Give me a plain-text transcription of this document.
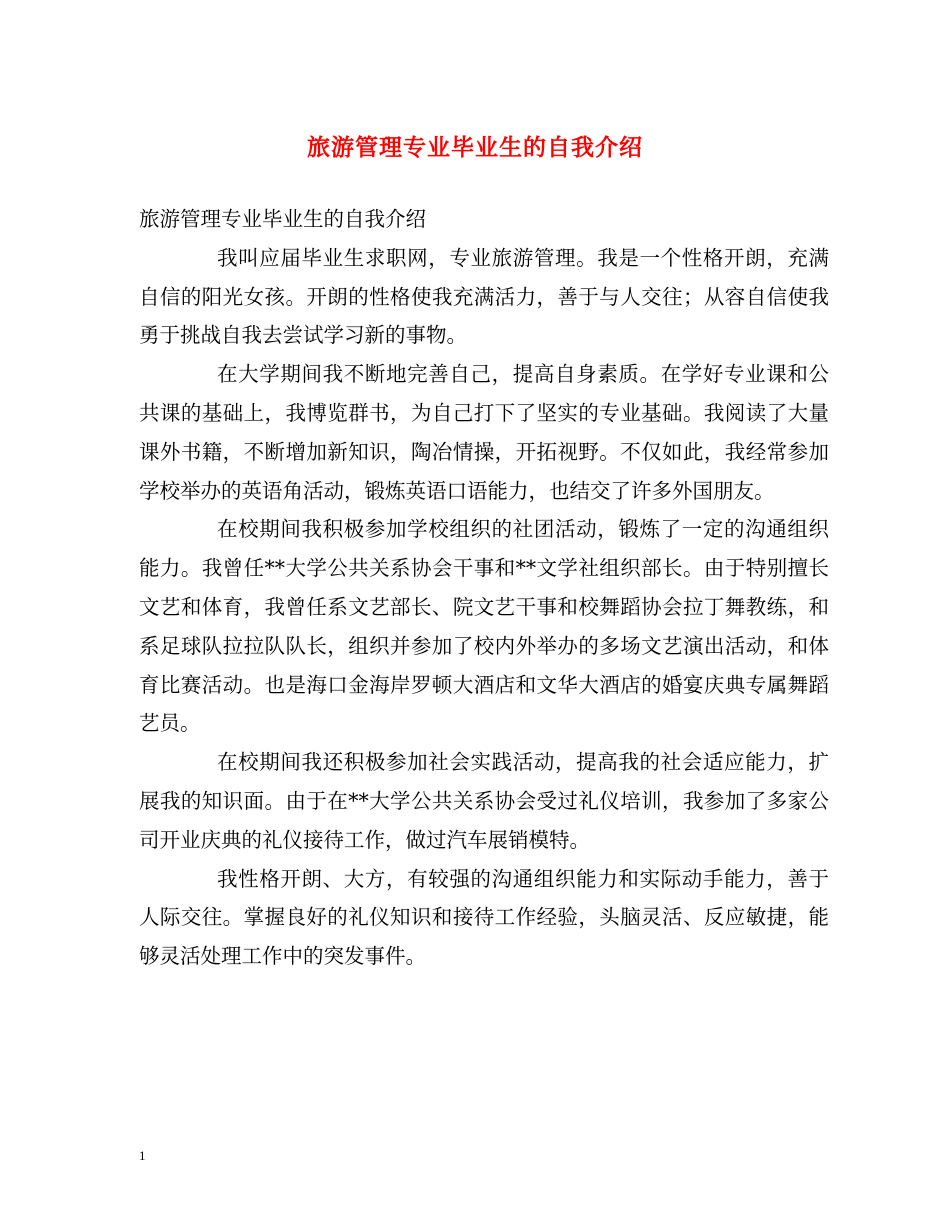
旅游管理专业毕业生的自我介绍

旅游管理专业毕业生的自我介绍

我叫应届毕业生求职网，专业旅游管理。我是一个性格开朗，充满自信的阳光女孩。开朗的性格使我充满活力，善于与人交往；从容自信使我勇于挑战自我去尝试学习新的事物。

在大学期间我不断地完善自己，提高自身素质。在学好专业课和公共课的基础上，我博览群书，为自己打下了坚实的专业基础。我阅读了大量课外书籍，不断增加新知识，陶冶情操，开拓视野。不仅如此，我经常参加学校举办的英语角活动，锻炼英语口语能力，也结交了许多外国朋友。

在校期间我积极参加学校组织的社团活动，锻炼了一定的沟通组织能力。我曾任**大学公共关系协会干事和**文学社组织部长。由于特别擅长文艺和体育，我曾任系文艺部长、院文艺干事和校舞蹈协会拉丁舞教练，和系足球队拉拉队队长，组织并参加了校内外举办的多场文艺演出活动，和体育比赛活动。也是海口金海岸罗顿大酒店和文华大酒店的婚宴庆典专属舞蹈艺员。

在校期间我还积极参加社会实践活动，提高我的社会适应能力，扩展我的知识面。由于在**大学公共关系协会受过礼仪培训，我参加了多家公司开业庆典的礼仪接待工作，做过汽车展销模特。

我性格开朗、大方，有较强的沟通组织能力和实际动手能力，善于人际交往。掌握良好的礼仪知识和接待工作经验，头脑灵活、反应敏捷，能够灵活处理工作中的突发事件。

1
